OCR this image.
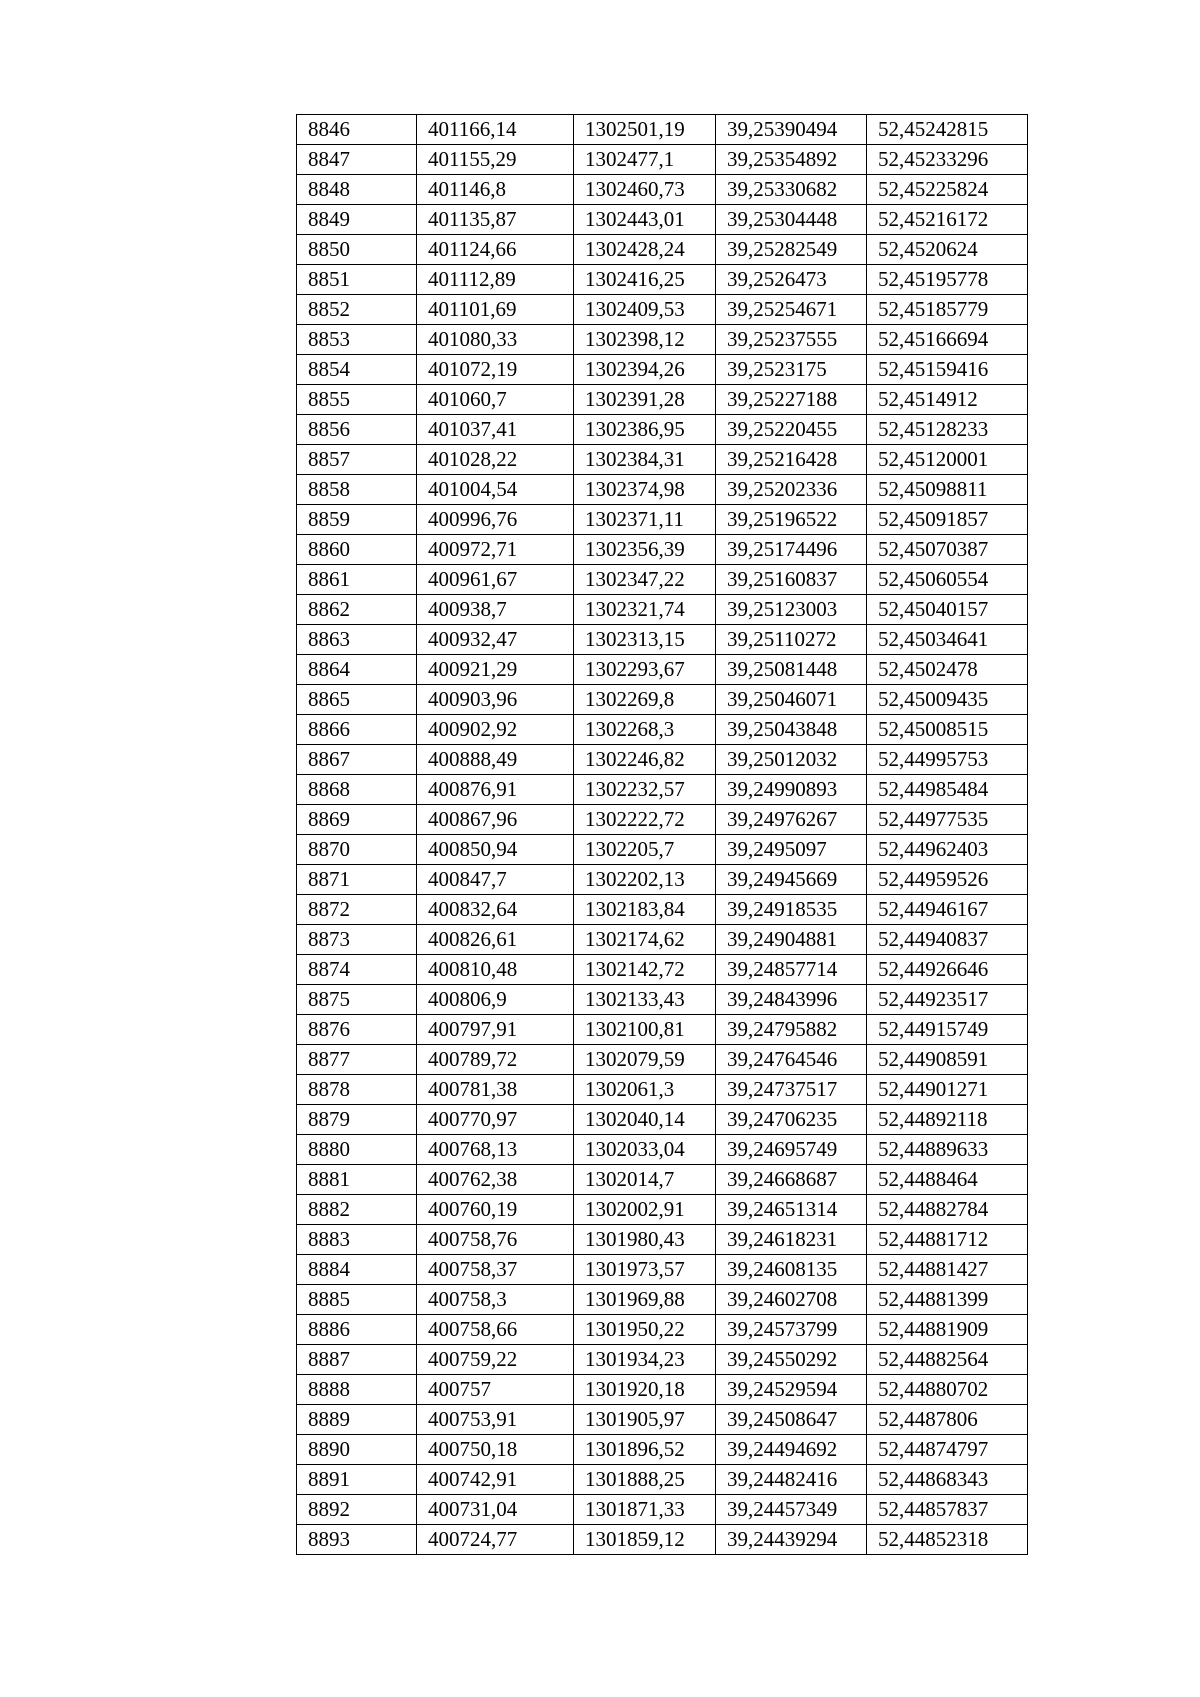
8846	401166,14	1302501,19	39,25390494	52,45242815
8847	401155,29	1302477,1	39,25354892	52,45233296
8848	401146,8	1302460,73	39,25330682	52,45225824
8849	401135,87	1302443,01	39,25304448	52,45216172
8850	401124,66	1302428,24	39,25282549	52,4520624
8851	401112,89	1302416,25	39,2526473	52,45195778
8852	401101,69	1302409,53	39,25254671	52,45185779
8853	401080,33	1302398,12	39,25237555	52,45166694
8854	401072,19	1302394,26	39,2523175	52,45159416
8855	401060,7	1302391,28	39,25227188	52,4514912
8856	401037,41	1302386,95	39,25220455	52,45128233
8857	401028,22	1302384,31	39,25216428	52,45120001
8858	401004,54	1302374,98	39,25202336	52,45098811
8859	400996,76	1302371,11	39,25196522	52,45091857
8860	400972,71	1302356,39	39,25174496	52,45070387
8861	400961,67	1302347,22	39,25160837	52,45060554
8862	400938,7	1302321,74	39,25123003	52,45040157
8863	400932,47	1302313,15	39,25110272	52,45034641
8864	400921,29	1302293,67	39,25081448	52,4502478
8865	400903,96	1302269,8	39,25046071	52,45009435
8866	400902,92	1302268,3	39,25043848	52,45008515
8867	400888,49	1302246,82	39,25012032	52,44995753
8868	400876,91	1302232,57	39,24990893	52,44985484
8869	400867,96	1302222,72	39,24976267	52,44977535
8870	400850,94	1302205,7	39,2495097	52,44962403
8871	400847,7	1302202,13	39,24945669	52,44959526
8872	400832,64	1302183,84	39,24918535	52,44946167
8873	400826,61	1302174,62	39,24904881	52,44940837
8874	400810,48	1302142,72	39,24857714	52,44926646
8875	400806,9	1302133,43	39,24843996	52,44923517
8876	400797,91	1302100,81	39,24795882	52,44915749
8877	400789,72	1302079,59	39,24764546	52,44908591
8878	400781,38	1302061,3	39,24737517	52,44901271
8879	400770,97	1302040,14	39,24706235	52,44892118
8880	400768,13	1302033,04	39,24695749	52,44889633
8881	400762,38	1302014,7	39,24668687	52,4488464
8882	400760,19	1302002,91	39,24651314	52,44882784
8883	400758,76	1301980,43	39,24618231	52,44881712
8884	400758,37	1301973,57	39,24608135	52,44881427
8885	400758,3	1301969,88	39,24602708	52,44881399
8886	400758,66	1301950,22	39,24573799	52,44881909
8887	400759,22	1301934,23	39,24550292	52,44882564
8888	400757	1301920,18	39,24529594	52,44880702
8889	400753,91	1301905,97	39,24508647	52,4487806
8890	400750,18	1301896,52	39,24494692	52,44874797
8891	400742,91	1301888,25	39,24482416	52,44868343
8892	400731,04	1301871,33	39,24457349	52,44857837
8893	400724,77	1301859,12	39,24439294	52,44852318
